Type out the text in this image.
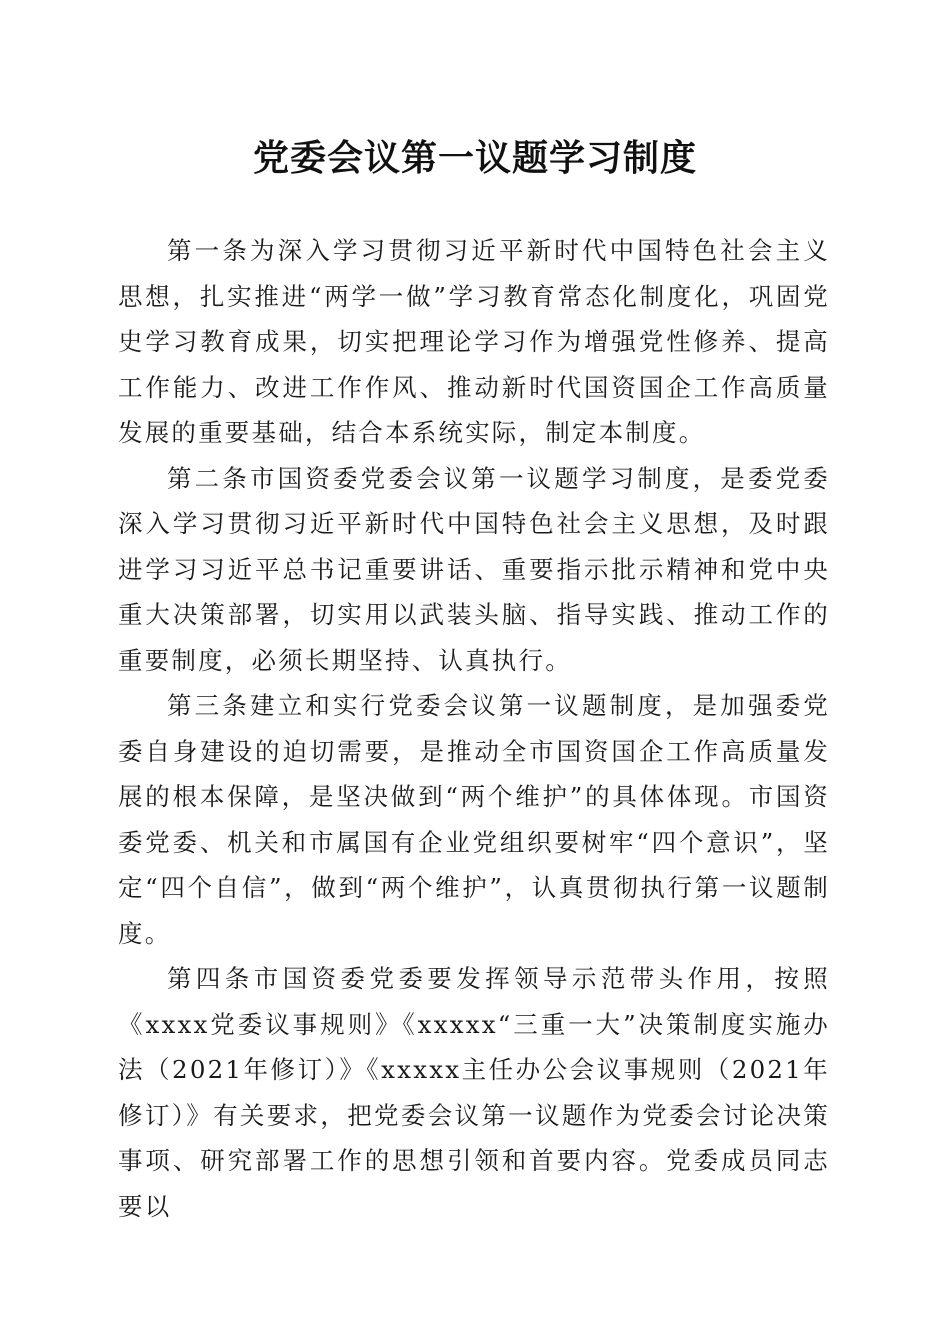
党委会议第一议题学习制度

第一条为深入学习贯彻习近平新时代中国特色社会主义思想，扎实推进“两学一做”学习教育常态化制度化，巩固党史学习教育成果，切实把理论学习作为增强党性修养、提高工作能力、改进工作作风、推动新时代国资国企工作高质量发展的重要基础，结合本系统实际，制定本制度。

第二条市国资委党委会议第一议题学习制度，是委党委深入学习贯彻习近平新时代中国特色社会主义思想，及时跟进学习习近平总书记重要讲话、重要指示批示精神和党中央重大决策部署，切实用以武装头脑、指导实践、推动工作的重要制度，必须长期坚持、认真执行。

第三条建立和实行党委会议第一议题制度，是加强委党委自身建设的迫切需要，是推动全市国资国企工作高质量发展的根本保障，是坚决做到“两个维护”的具体体现。市国资委党委、机关和市属国有企业党组织要树牢“四个意识”，坚定“四个自信”，做到“两个维护”，认真贯彻执行第一议题制度。

第四条市国资委党委要发挥领导示范带头作用，按照《xxxx党委议事规则》《xxxxx“三重一大”决策制度实施办法（2021年修订）》《xxxxx主任办公会议事规则（2021年修订）》有关要求，把党委会议第一议题作为党委会讨论决策事项、研究部署工作的思想引领和首要内容。党委成员同志要以
